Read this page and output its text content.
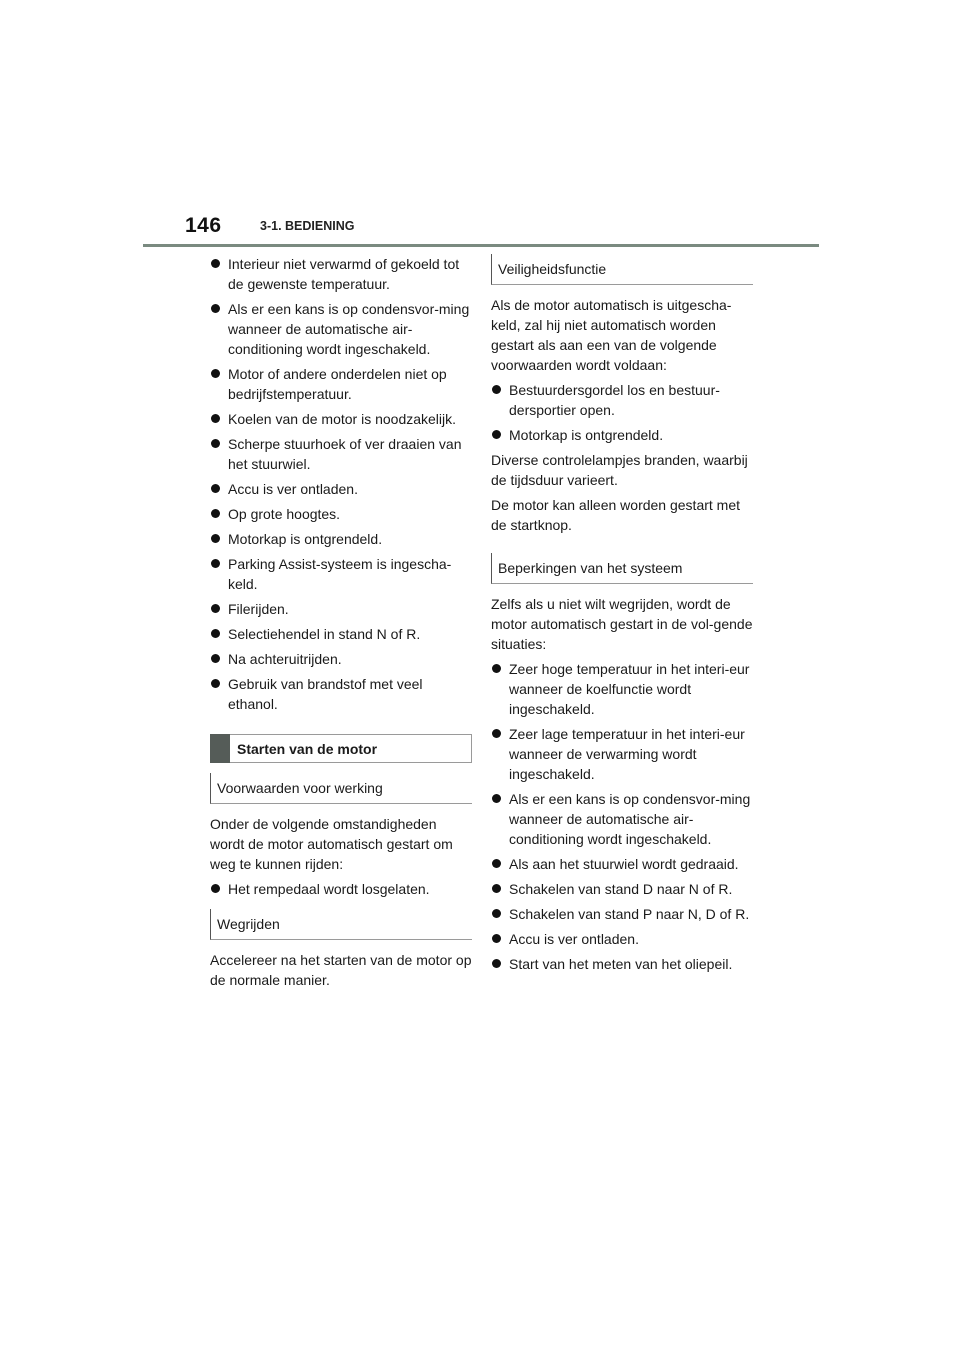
146	3-1. BEDIENING
Interieur niet verwarmd of gekoeld tot de gewenste temperatuur.
Als er een kans is op condensvor-ming wanneer de automatische air-conditioning wordt ingeschakeld.
Motor of andere onderdelen niet op bedrijfstemperatuur.
Koelen van de motor is noodzakelijk.
Scherpe stuurhoek of ver draaien van het stuurwiel.
Accu is ver ontladen.
Op grote hoogtes.
Motorkap is ontgrendeld.
Parking Assist-systeem is ingescha-keld.
Filerijden.
Selectiehendel in stand N of R.
Na achteruitrijden.
Gebruik van brandstof met veel ethanol.
Starten van de motor
Voorwaarden voor werking

Onder de volgende omstandigheden wordt de motor automatisch gestart om weg te kunnen rijden:

Het rempedaal wordt losgelaten.
Wegrijden

Accelereer na het starten van de motor op de normale manier.

Veiligheidsfunctie

Als de motor automatisch is uitgescha-keld, zal hij niet automatisch worden gestart als aan een van de volgende voorwaarden wordt voldaan:

Bestuurdersgordel los en bestuur-dersportier open.
Motorkap is ontgrendeld.

Diverse controlelampjes branden, waarbij de tijdsduur varieert.

De motor kan alleen worden gestart met de startknop.

Beperkingen van het systeem

Zelfs als u niet wilt wegrijden, wordt de motor automatisch gestart in de vol-gende situaties:

Zeer hoge temperatuur in het interi-eur wanneer de koelfunctie wordt ingeschakeld.
Zeer lage temperatuur in het interi-eur wanneer de verwarming wordt ingeschakeld.
Als er een kans is op condensvor-ming wanneer de automatische air-conditioning wordt ingeschakeld.
Als aan het stuurwiel wordt gedraaid.
Schakelen van stand D naar N of R.
Schakelen van stand P naar N, D of R.
Accu is ver ontladen.
Start van het meten van het oliepeil.
